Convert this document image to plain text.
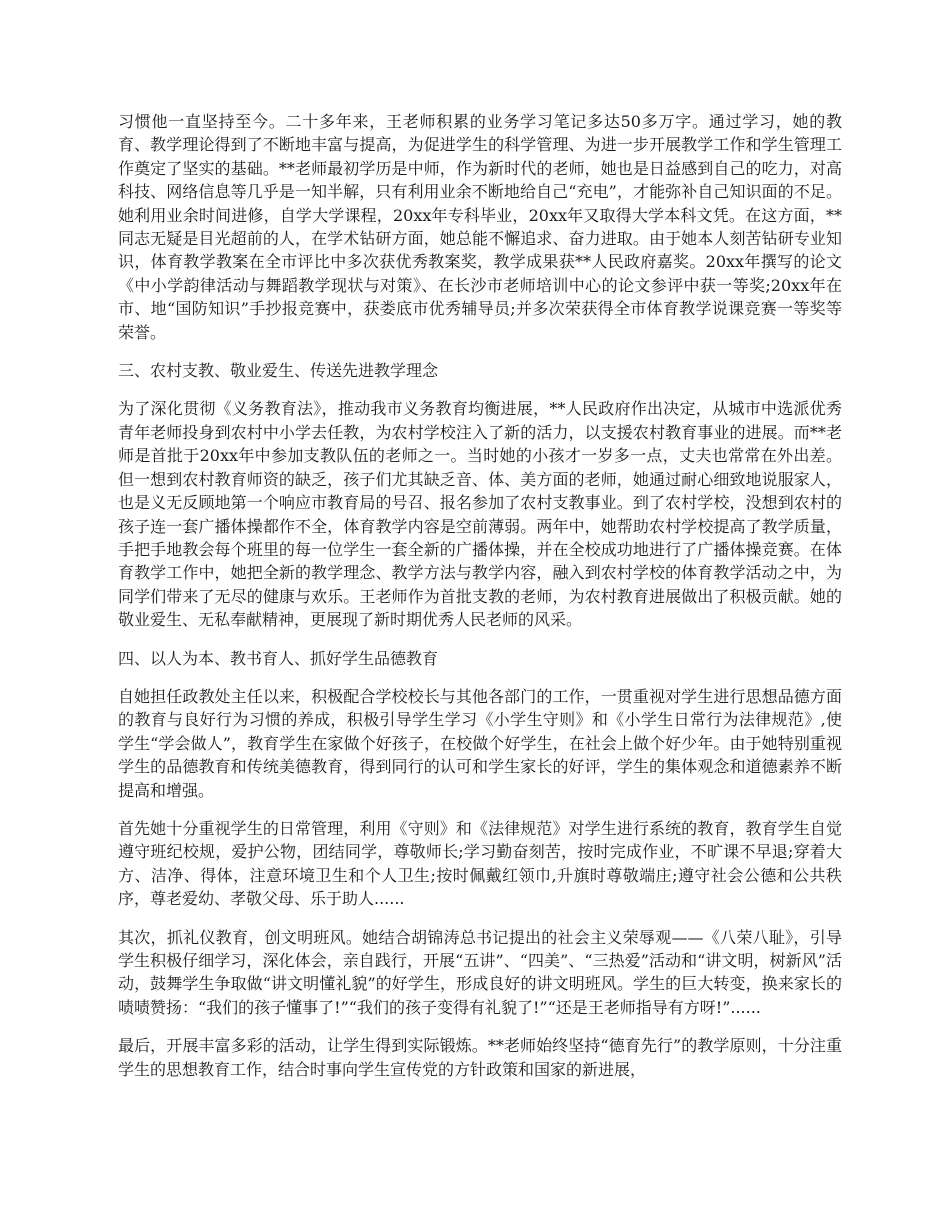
习惯他一直坚持至今。二十多年来，王老师积累的业务学习笔记多达50多万字。通过学习，她的教育、教学理论得到了不断地丰富与提高，为促进学生的科学管理、为进一步开展教学工作和学生管理工作奠定了坚实的基础。**老师最初学历是中师，作为新时代的老师，她也是日益感到自己的吃力，对高科技、网络信息等几乎是一知半解，只有利用业余不断地给自己“充电”，才能弥补自己知识面的不足。她利用业余时间进修，自学大学课程，20xx年专科毕业，20xx年又取得大学本科文凭。在这方面，**同志无疑是目光超前的人，在学术钻研方面，她总能不懈追求、奋力进取。由于她本人刻苦钻研专业知识，体育教学教案在全市评比中多次获优秀教案奖，教学成果获**人民政府嘉奖。20xx年撰写的论文《中小学韵律活动与舞蹈教学现状与对策》、在长沙市老师培训中心的论文参评中获一等奖;20xx年在市、地“国防知识”手抄报竞赛中，获娄底市优秀辅导员;并多次荣获得全市体育教学说课竞赛一等奖等荣誉。

三、农村支教、敬业爱生、传送先进教学理念

为了深化贯彻《义务教育法》，推动我市义务教育均衡进展，**人民政府作出决定，从城市中选派优秀青年老师投身到农村中小学去任教，为农村学校注入了新的活力，以支援农村教育事业的进展。而**老师是首批于20xx年中参加支教队伍的老师之一。当时她的小孩才一岁多一点，丈夫也常常在外出差。但一想到农村教育师资的缺乏，孩子们尤其缺乏音、体、美方面的老师，她通过耐心细致地说服家人，也是义无反顾地第一个响应市教育局的号召、报名参加了农村支教事业。到了农村学校，没想到农村的孩子连一套广播体操都作不全，体育教学内容是空前薄弱。两年中，她帮助农村学校提高了教学质量，手把手地教会每个班里的每一位学生一套全新的广播体操，并在全校成功地进行了广播体操竞赛。在体育教学工作中，她把全新的教学理念、教学方法与教学内容，融入到农村学校的体育教学活动之中，为同学们带来了无尽的健康与欢乐。王老师作为首批支教的老师，为农村教育进展做出了积极贡献。她的敬业爱生、无私奉献精神，更展现了新时期优秀人民老师的风采。

四、以人为本、教书育人、抓好学生品德教育

自她担任政教处主任以来，积极配合学校校长与其他各部门的工作，一贯重视对学生进行思想品德方面的教育与良好行为习惯的养成，积极引导学生学习《小学生守则》和《小学生日常行为法律规范》,使学生“学会做人”，教育学生在家做个好孩子，在校做个好学生，在社会上做个好少年。由于她特别重视学生的品德教育和传统美德教育，得到同行的认可和学生家长的好评，学生的集体观念和道德素养不断提高和增强。

首先她十分重视学生的日常管理，利用《守则》和《法律规范》对学生进行系统的教育，教育学生自觉遵守班纪校规，爱护公物，团结同学，尊敬师长;学习勤奋刻苦，按时完成作业，不旷课不早退;穿着大方、洁净、得体，注意环境卫生和个人卫生;按时佩戴红领巾,升旗时尊敬端庄;遵守社会公德和公共秩序，尊老爱幼、孝敬父母、乐于助人......

其次，抓礼仪教育，创文明班风。她结合胡锦涛总书记提出的社会主义荣辱观——《八荣八耻》，引导学生积极仔细学习，深化体会，亲自践行，开展“五讲”、“四美”、“三热爱”活动和“讲文明，树新风”活动，鼓舞学生争取做“讲文明懂礼貌”的好学生，形成良好的讲文明班风。学生的巨大转变，换来家长的啧啧赞扬：“我们的孩子懂事了!”“我们的孩子变得有礼貌了!”“还是王老师指导有方呀!”......

最后，开展丰富多彩的活动，让学生得到实际锻炼。**老师始终坚持“德育先行”的教学原则，十分注重学生的思想教育工作，结合时事向学生宣传党的方针政策和国家的新进展，
